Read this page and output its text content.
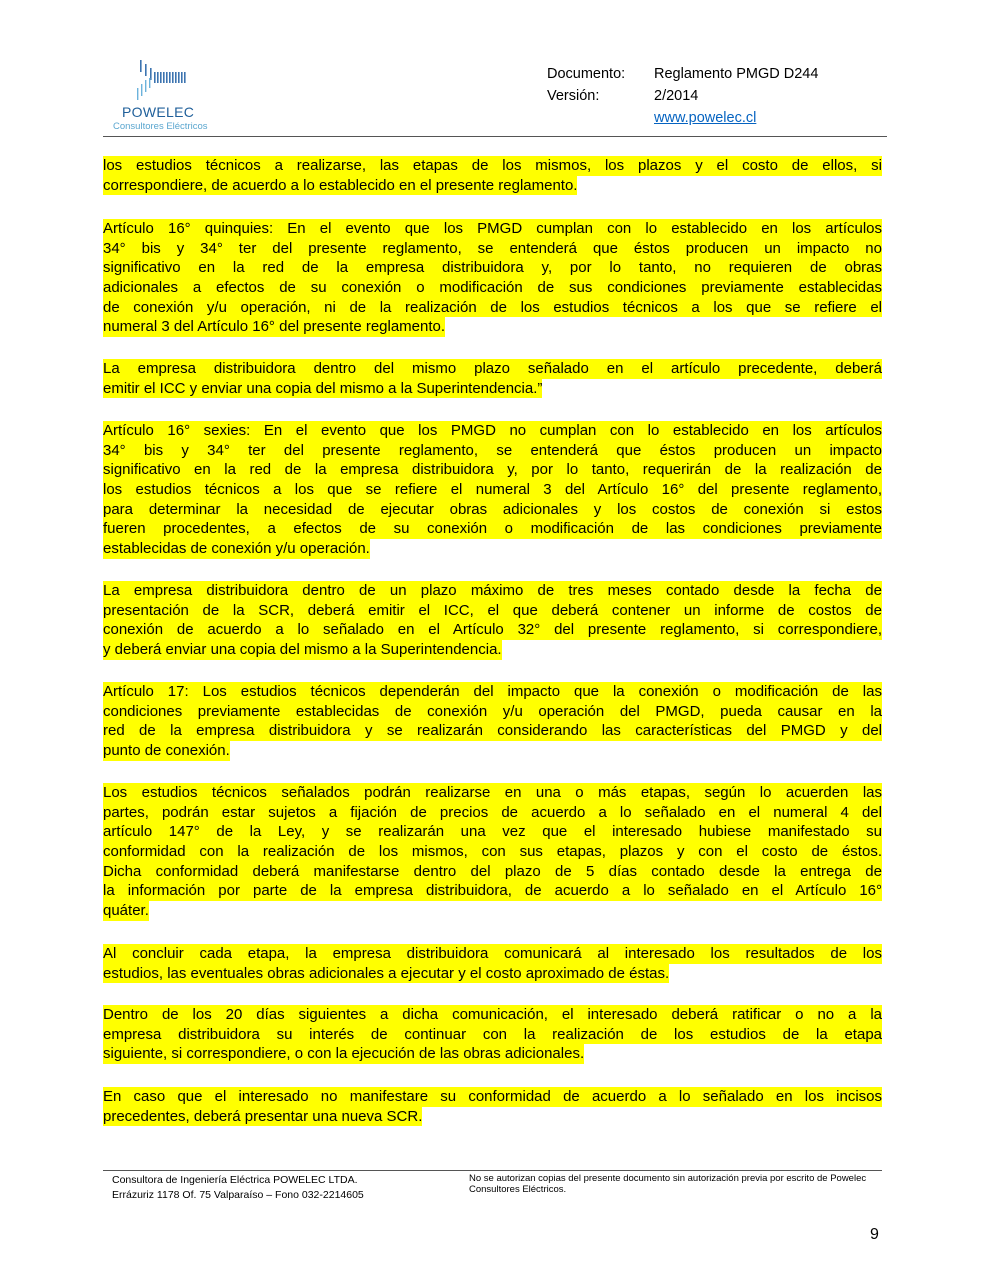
POWELEC
Consultores Eléctricos
Documento: Reglamento PMGD D244
Versión:	2/2014
www.powelec.cl
los estudios técnicos a realizarse, las etapas de los mismos, los plazos y el costo de ellos, si
correspondiere, de acuerdo a lo establecido en el presente reglamento.
Artículo 16° quinquies: En el evento que los PMGD cumplan con lo establecido en los artículos
34° bis y 34° ter del presente reglamento, se entenderá que éstos producen un impacto no
significativo en la red de la empresa distribuidora y, por lo tanto, no requieren de obras
adicionales a efectos de su conexión o modificación de sus condiciones previamente establecidas
de conexión y/u operación, ni de la realización de los estudios técnicos a los que se refiere el
numeral 3 del Artículo 16° del presente reglamento.
La empresa distribuidora dentro del mismo plazo señalado en el artículo precedente, deberá
emitir el ICC y enviar una copia del mismo a la Superintendencia.”
Artículo 16° sexies: En el evento que los PMGD no cumplan con lo establecido en los artículos
34° bis y 34° ter del presente reglamento, se entenderá que éstos producen un impacto
significativo en la red de la empresa distribuidora y, por lo tanto, requerirán de la realización de
los estudios técnicos a los que se refiere el numeral 3 del Artículo 16° del presente reglamento,
para determinar la necesidad de ejecutar obras adicionales y los costos de conexión si estos
fueren procedentes, a efectos de su conexión o modificación de las condiciones previamente
establecidas de conexión y/u operación.
La empresa distribuidora dentro de un plazo máximo de tres meses contado desde la fecha de
presentación de la SCR, deberá emitir el ICC, el que deberá contener un informe de costos de
conexión de acuerdo a lo señalado en el Artículo 32° del presente reglamento, si correspondiere,
y deberá enviar una copia del mismo a la Superintendencia.
Artículo 17: Los estudios técnicos dependerán del impacto que la conexión o modificación de las
condiciones previamente establecidas de conexión y/u operación del PMGD, pueda causar en la
red de la empresa distribuidora y se realizarán considerando las características del PMGD y del
punto de conexión.
Los estudios técnicos señalados podrán realizarse en una o más etapas, según lo acuerden las
partes, podrán estar sujetos a fijación de precios de acuerdo a lo señalado en el numeral 4 del
artículo 147° de la Ley, y se realizarán una vez que el interesado hubiese manifestado su
conformidad con la realización de los mismos, con sus etapas, plazos y con el costo de éstos.
Dicha conformidad deberá manifestarse dentro del plazo de 5 días contado desde la entrega de
la información por parte de la empresa distribuidora, de acuerdo a lo señalado en el Artículo 16°
quáter.
Al concluir cada etapa, la empresa distribuidora comunicará al interesado los resultados de los
estudios, las eventuales obras adicionales a ejecutar y el costo aproximado de éstas.
Dentro de los 20 días siguientes a dicha comunicación, el interesado deberá ratificar o no a la
empresa distribuidora su interés de continuar con la realización de los estudios de la etapa
siguiente, si correspondiere, o con la ejecución de las obras adicionales.
En caso que el interesado no manifestare su conformidad de acuerdo a lo señalado en los incisos
precedentes, deberá presentar una nueva SCR.
Consultora de Ingeniería Eléctrica POWELEC LTDA.
Errázuriz 1178 Of. 75 Valparaíso – Fono 032-2214605
No se autorizan copias del presente documento sin autorización previa por escrito de Powelec Consultores Eléctricos.
9
